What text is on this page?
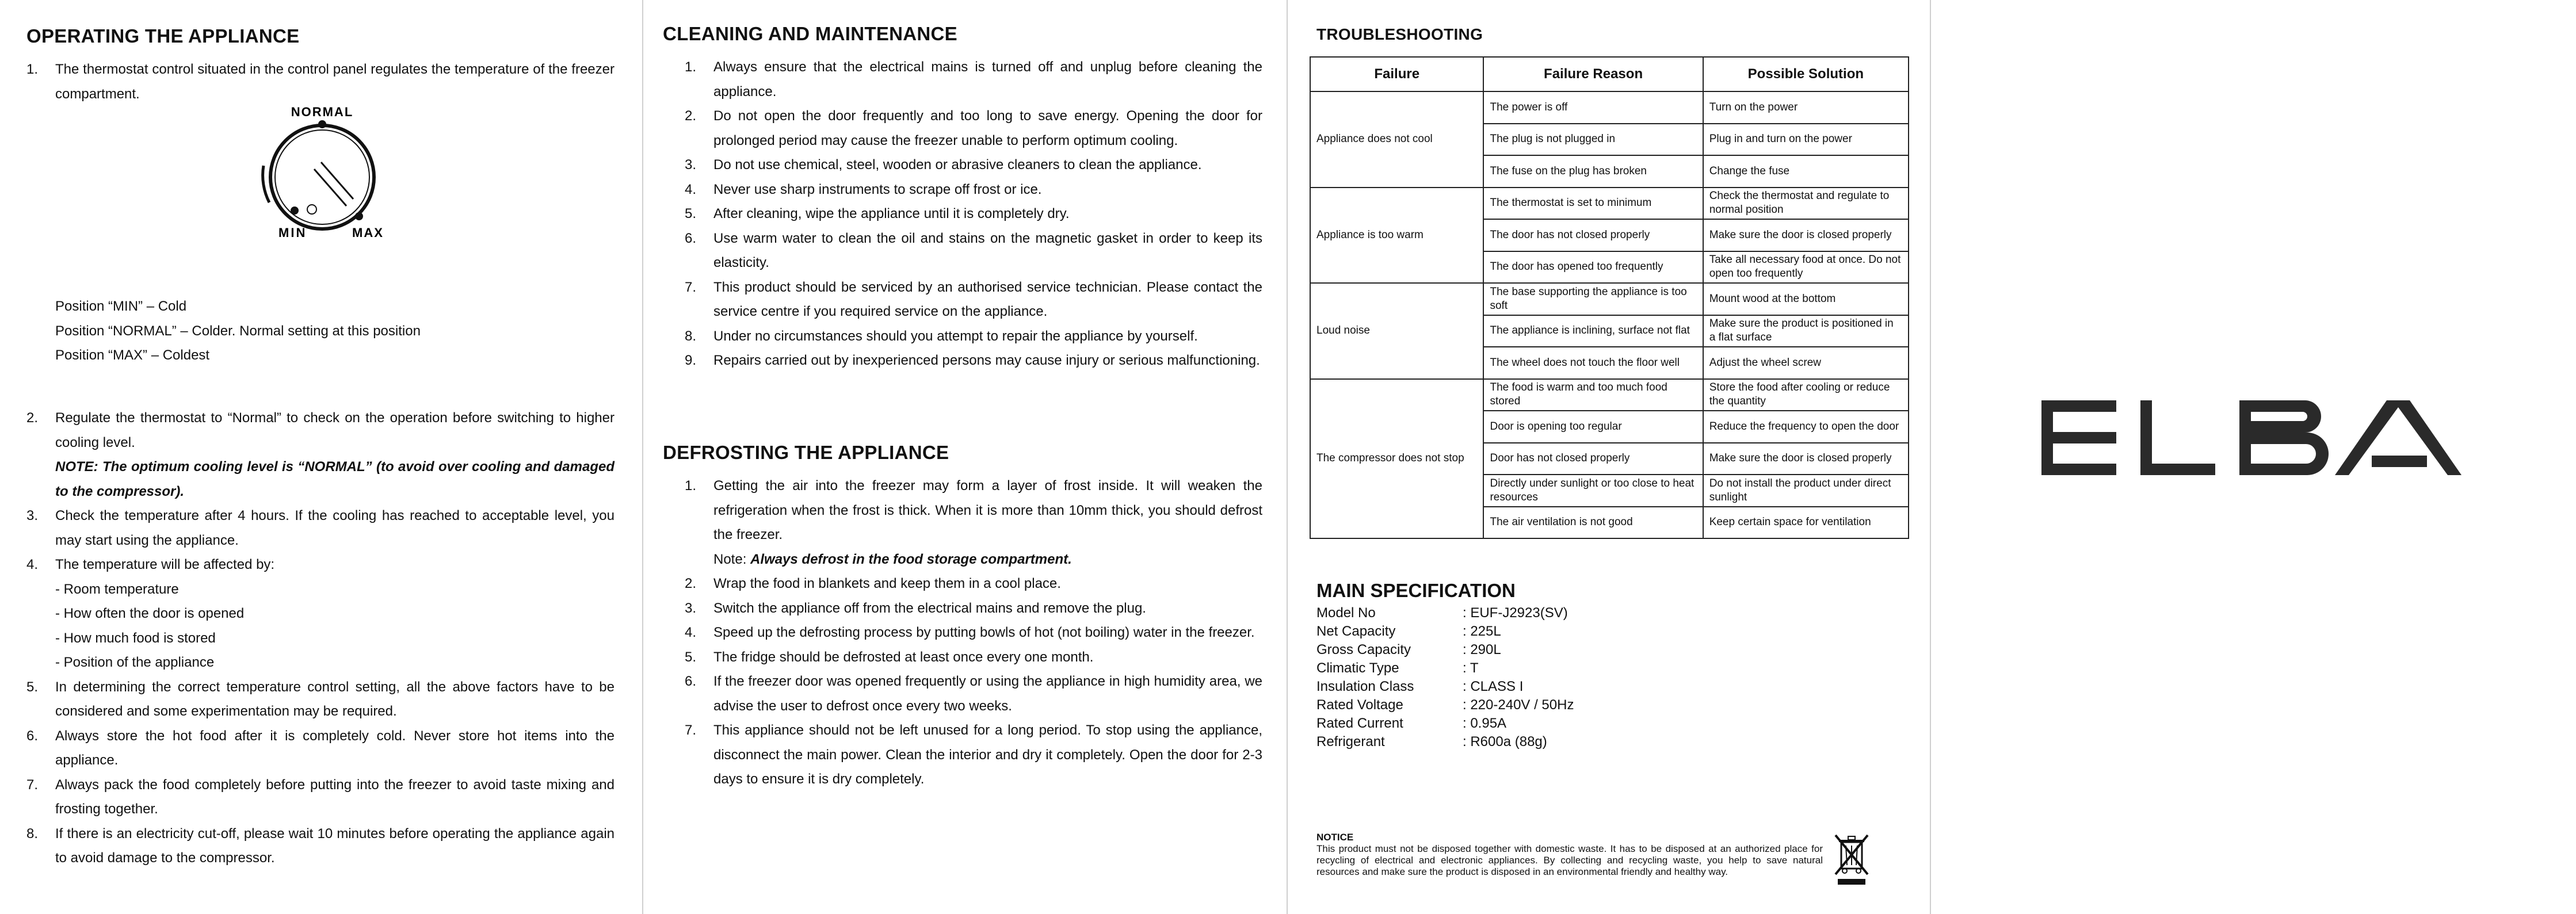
OPERATING THE APPLIANCE
1. The thermostat control situated in the control panel regulates the temperature of the freezer compartment.
NORMAL
MIN	MAX
Position “MIN” – Cold
Position “NORMAL” – Colder. Normal setting at this position
Position “MAX” – Coldest
2. Regulate the thermostat to “Normal” to check on the operation before switching to higher cooling level.
NOTE: The optimum cooling level is “NORMAL” (to avoid over cooling and damaged to the compressor).
3. Check the temperature after 4 hours. If the cooling has reached to acceptable level, you may start using the appliance.
4. The temperature will be affected by:
- Room temperature
- How often the door is opened
- How much food is stored
- Position of the appliance
5. In determining the correct temperature control setting, all the above factors have to be considered and some experimentation may be required.
6. Always store the hot food after it is completely cold. Never store hot items into the appliance.
7. Always pack the food completely before putting into the freezer to avoid taste mixing and frosting together.
8. If there is an electricity cut-off, please wait 10 minutes before operating the appliance again to avoid damage to the compressor.
CLEANING AND MAINTENANCE
1. Always ensure that the electrical mains is turned off and unplug before cleaning the appliance.
2. Do not open the door frequently and too long to save energy. Opening the door for prolonged period may cause the freezer unable to perform optimum cooling.
3. Do not use chemical, steel, wooden or abrasive cleaners to clean the appliance.
4. Never use sharp instruments to scrape off frost or ice.
5. After cleaning, wipe the appliance until it is completely dry.
6. Use warm water to clean the oil and stains on the magnetic gasket in order to keep its elasticity.
7. This product should be serviced by an authorised service technician. Please contact the service centre if you required service on the appliance.
8. Under no circumstances should you attempt to repair the appliance by yourself.
9. Repairs carried out by inexperienced persons may cause injury or serious malfunctioning.
DEFROSTING THE APPLIANCE
1. Getting the air into the freezer may form a layer of frost inside. It will weaken the refrigeration when the frost is thick. When it is more than 10mm thick, you should defrost the freezer.
Note: Always defrost in the food storage compartment.
2. Wrap the food in blankets and keep them in a cool place.
3. Switch the appliance off from the electrical mains and remove the plug.
4. Speed up the defrosting process by putting bowls of hot (not boiling) water in the freezer.
5. The fridge should be defrosted at least once every one month.
6. If the freezer door was opened frequently or using the appliance in high humidity area, we advise the user to defrost once every two weeks.
7. This appliance should not be left unused for a long period. To stop using the appliance, disconnect the main power. Clean the interior and dry it completely. Open the door for 2-3 days to ensure it is dry completely.
TROUBLESHOOTING
Failure	Failure Reason	Possible Solution
Appliance does not cool	The power is off	Turn on the power
	The plug is not plugged in	Plug in and turn on the power
	The fuse on the plug has broken	Change the fuse
Appliance is too warm	The thermostat is set to minimum	Check the thermostat and regulate to normal position
	The door has not closed properly	Make sure the door is closed properly
	The door has opened too frequently	Take all necessary food at once. Do not open too frequently
Loud noise	The base supporting the appliance is too soft	Mount wood at the bottom
	The appliance is inclining, surface not flat	Make sure the product is positioned in a flat surface
	The wheel does not touch the floor well	Adjust the wheel screw
The compressor does not stop	The food is warm and too much food stored	Store the food after cooling or reduce the quantity
	Door is opening too regular	Reduce the frequency to open the door
	Door has not closed properly	Make sure the door is closed properly
	Directly under sunlight or too close to heat resources	Do not install the product under direct sunlight
	The air ventilation is not good	Keep certain space for ventilation
MAIN SPECIFICATION
Model No	: EUF-J2923(SV)
Net Capacity	: 225L
Gross Capacity	: 290L
Climatic Type	: T
Insulation Class	: CLASS I
Rated Voltage	: 220-240V / 50Hz
Rated Current	: 0.95A
Refrigerant	: R600a (88g)
NOTICE
This product must not be disposed together with domestic waste. It has to be disposed at an authorized place for recycling of electrical and electronic appliances. By collecting and recycling waste, you help to save natural resources and make sure the product is disposed in an environmental friendly and healthy way.
